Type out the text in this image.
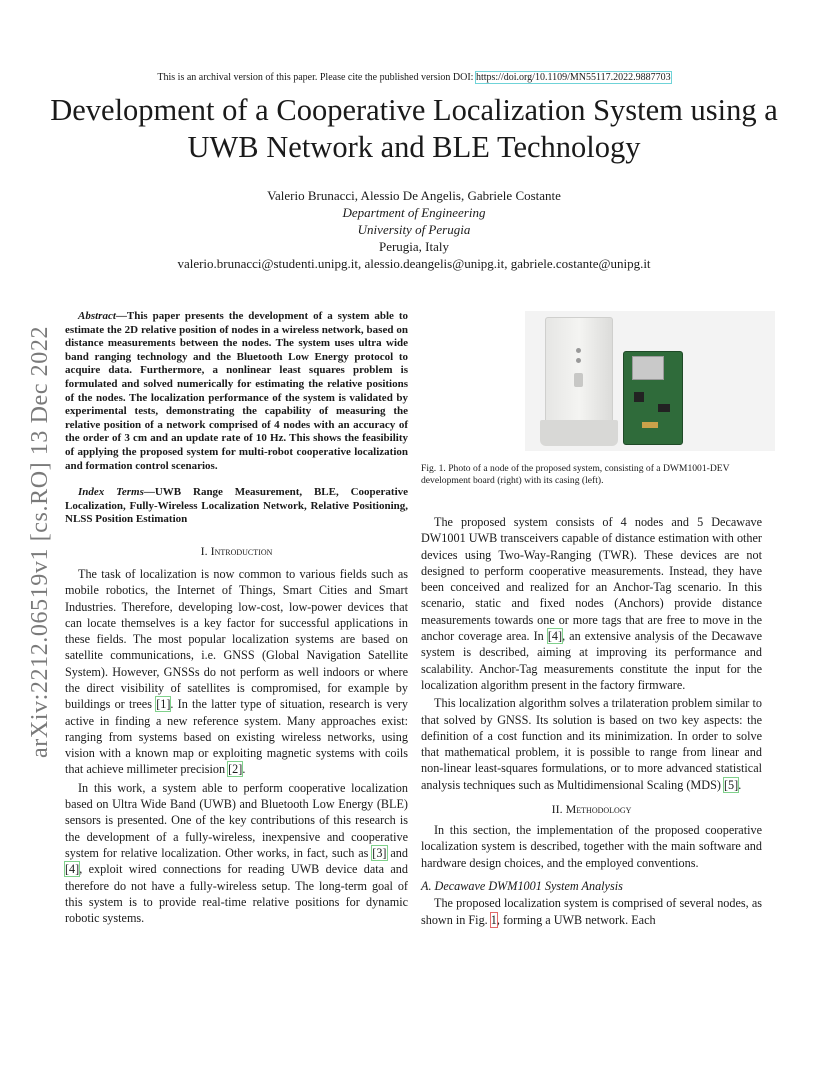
This is an archival version of this paper. Please cite the published version DOI: https://doi.org/10.1109/MN55117.2022.9887703
Development of a Cooperative Localization System using a UWB Network and BLE Technology
Valerio Brunacci, Alessio De Angelis, Gabriele Costante
Department of Engineering
University of Perugia
Perugia, Italy
valerio.brunacci@studenti.unipg.it, alessio.deangelis@unipg.it, gabriele.costante@unipg.it
arXiv:2212.06519v1 [cs.RO] 13 Dec 2022

Abstract—This paper presents the development of a system able to estimate the 2D relative position of nodes in a wireless network, based on distance measurements between the nodes. The system uses ultra wide band ranging technology and the Bluetooth Low Energy protocol to acquire data. Furthermore, a nonlinear least squares problem is formulated and solved numerically for estimating the relative positions of the nodes. The localization performance of the system is validated by experimental tests, demonstrating the capability of measuring the relative position of a network comprised of 4 nodes with an accuracy of the order of 3 cm and an update rate of 10 Hz. This shows the feasibility of applying the proposed system for multi-robot cooperative localization and formation control scenarios.

Index Terms—UWB Range Measurement, BLE, Cooperative Localization, Fully-Wireless Localization Network, Relative Positioning, NLSS Position Estimation

I. Introduction

The task of localization is now common to various fields such as mobile robotics, the Internet of Things, Smart Cities and Smart Industries. Therefore, developing low-cost, low-power devices that can locate themselves is a key factor for successful applications in these fields. The most popular localization systems are based on satellite communications, i.e. GNSS (Global Navigation Satellite System). However, GNSSs do not perform as well indoors or where the direct visibility of satellites is compromised, for example by buildings or trees [1]. In the latter type of situation, research is very active in finding a new reference system. Many approaches exist: ranging from systems based on existing wireless networks, using vision with a known map or exploiting magnetic systems with coils that achieve millimeter precision [2].

In this work, a system able to perform cooperative localization based on Ultra Wide Band (UWB) and Bluetooth Low Energy (BLE) sensors is presented. One of the key contributions of this research is the development of a fully-wireless, inexpensive and cooperative system for relative localization. Other works, in fact, such as [3] and [4], exploit wired connections for reading UWB device data and therefore do not have a fully-wireless setup. The long-term goal of this system is to provide real-time relative positions for dynamic robotic systems.

Fig. 1. Photo of a node of the proposed system, consisting of a DWM1001-DEV development board (right) with its casing (left).

The proposed system consists of 4 nodes and 5 Decawave DW1001 UWB transceivers capable of distance estimation with other devices using Two-Way-Ranging (TWR). These devices are not designed to perform cooperative measurements. Instead, they have been conceived and realized for an Anchor-Tag scenario. In this scenario, static and fixed nodes (Anchors) provide distance measurements towards one or more tags that are free to move in the anchor coverage area. In [4], an extensive analysis of the Decawave system is described, aiming at improving its performance and scalability. Anchor-Tag measurements constitute the input for the localization algorithm present in the factory firmware.

This localization algorithm solves a trilateration problem similar to that solved by GNSS. Its solution is based on two key aspects: the definition of a cost function and its minimization. In order to solve that mathematical problem, it is possible to range from linear and non-linear least-squares formulations, or to more advanced statistical analysis techniques such as Multidimensional Scaling (MDS) [5].

II. Methodology

In this section, the implementation of the proposed cooperative localization system is described, together with the main software and hardware design choices, and the employed conventions.

A. Decawave DWM1001 System Analysis

The proposed localization system is comprised of several nodes, as shown in Fig. 1, forming a UWB network. Each
